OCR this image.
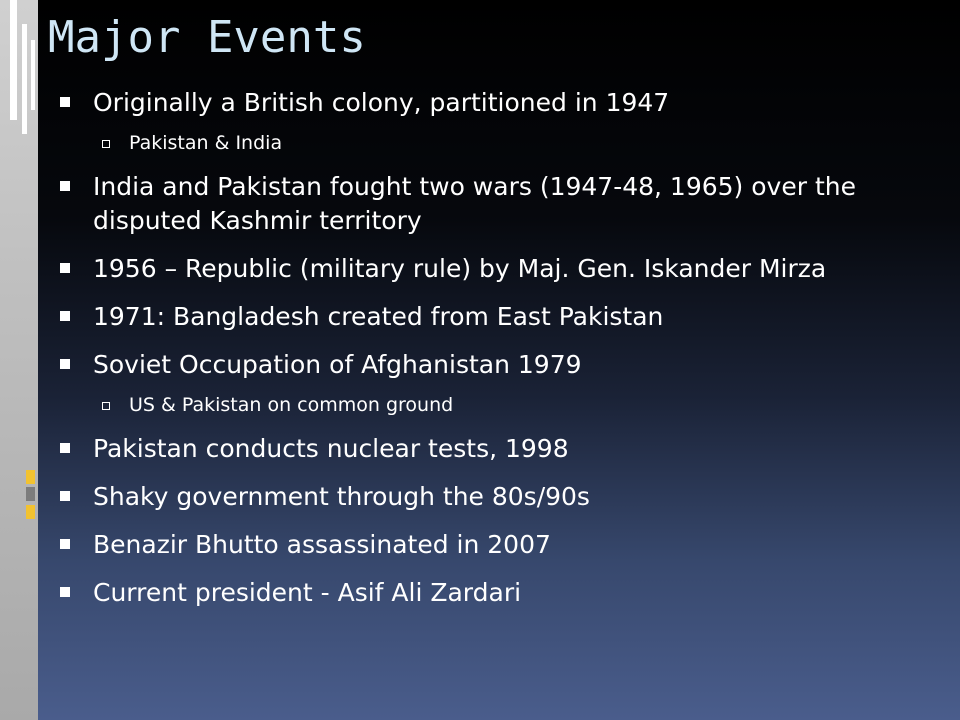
Major Events
Originally a British colony, partitioned in 1947
Pakistan & India
India and Pakistan fought two wars (1947-48, 1965) over the disputed Kashmir territory
1956 – Republic (military rule) by Maj. Gen. Iskander Mirza
1971: Bangladesh created from East Pakistan
Soviet Occupation of Afghanistan 1979
US & Pakistan on common ground
Pakistan conducts nuclear tests, 1998
Shaky government through the 80s/90s
Benazir Bhutto assassinated in 2007
Current president - Asif Ali Zardari
